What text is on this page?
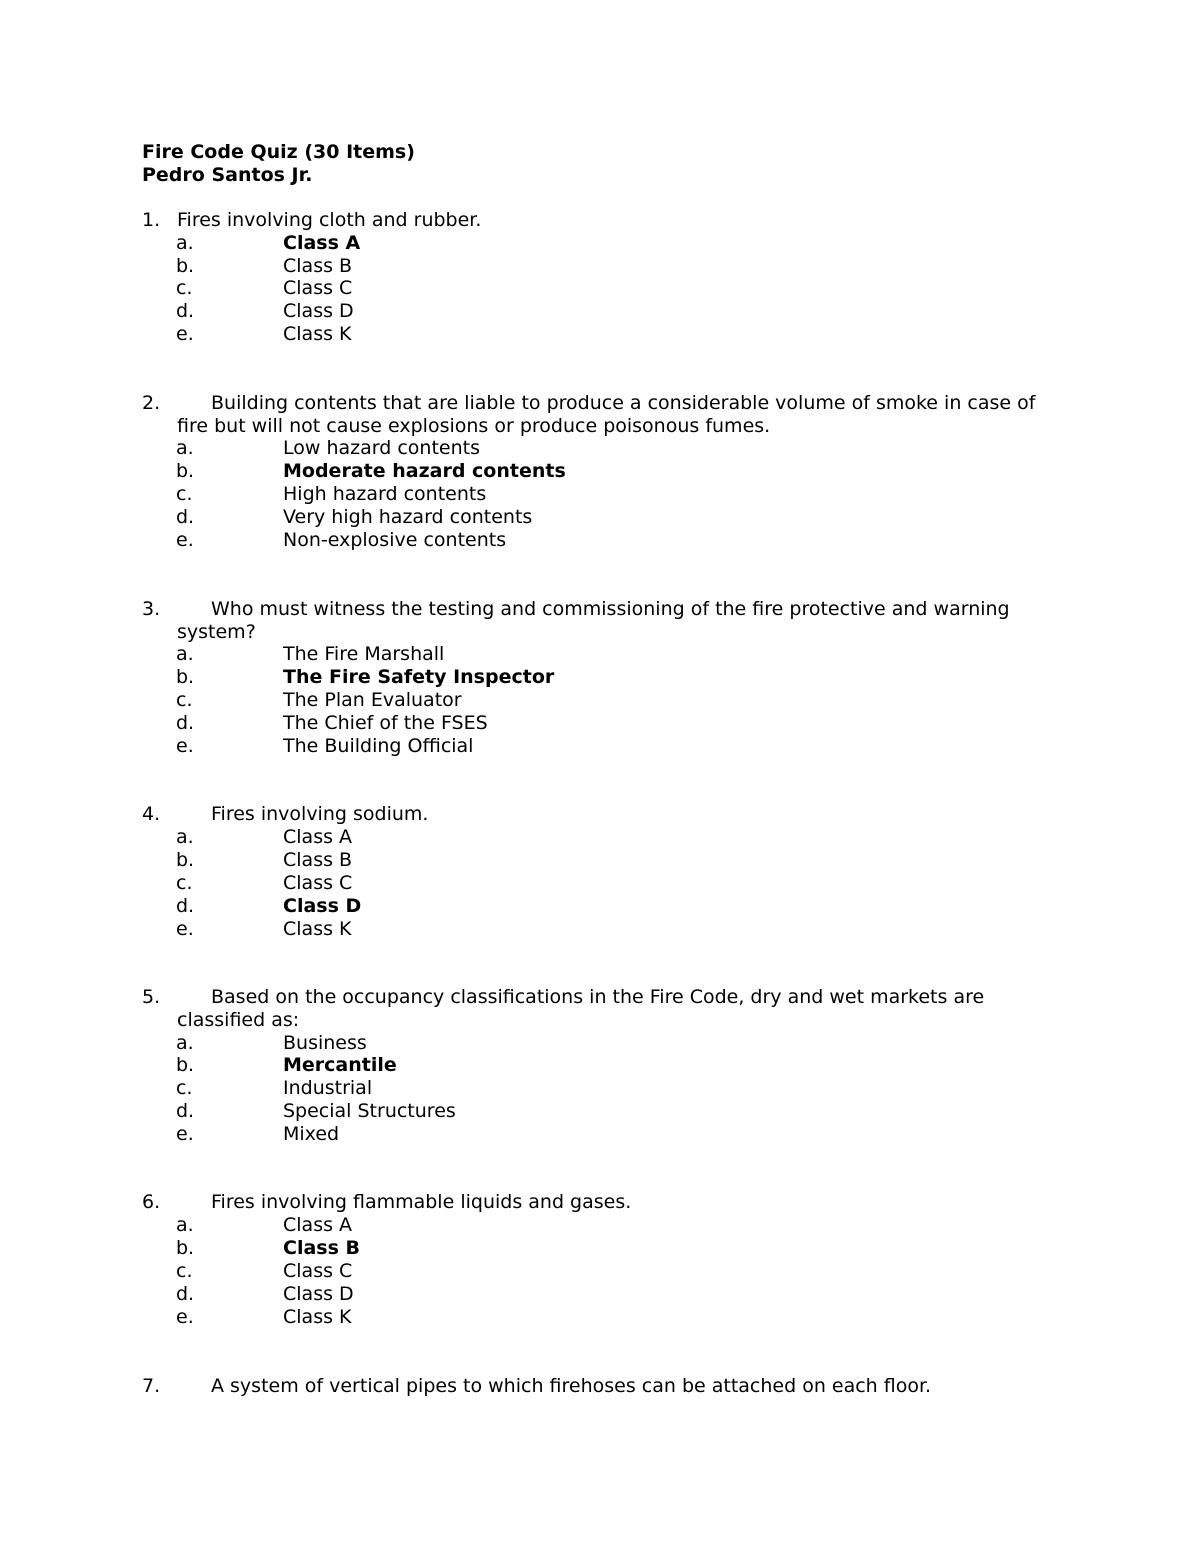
Fire Code Quiz (30 Items)
Pedro Santos Jr.
1. Fires involving cloth and rubber.
a.	Class A
b.	Class B
c.	Class C
d.	Class D
e.	Class K
2.	Building contents that are liable to produce a considerable volume of smoke in case of fire but will not cause explosions or produce poisonous fumes.
a.	Low hazard contents
b.	Moderate hazard contents
c.	High hazard contents
d.	Very high hazard contents
e.	Non-explosive contents
3.	Who must witness the testing and commissioning of the fire protective and warning system?
a.	The Fire Marshall
b.	The Fire Safety Inspector
c.	The Plan Evaluator
d.	The Chief of the FSES
e.	The Building Official
4.	Fires involving sodium.
a.	Class A
b.	Class B
c.	Class C
d.	Class D
e.	Class K
5.	Based on the occupancy classifications in the Fire Code, dry and wet markets are classified as:
a.	Business
b.	Mercantile
c.	Industrial
d.	Special Structures
e.	Mixed
6.	Fires involving flammable liquids and gases.
a.	Class A
b.	Class B
c.	Class C
d.	Class D
e.	Class K
7.	A system of vertical pipes to which firehoses can be attached on each floor.
